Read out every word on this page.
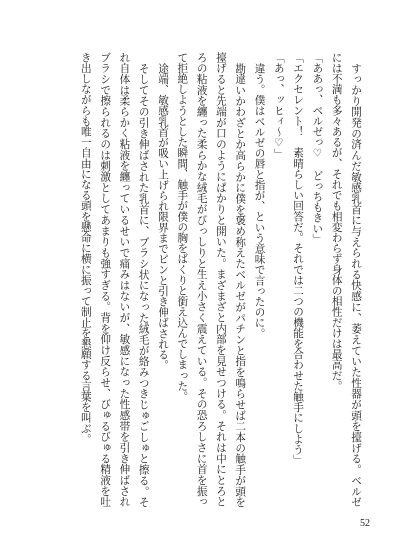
すっかり開発の済んだ敏感乳首に与えられる快感に、萎えていた性器が頭を擡げる。ベルゼには不満も多々あるが、それでも相変わらず身体の相性だけは最高だ。

「ああっ、ベルゼっ♡　どっちもきい」

「エクセレント！　素晴らしい回答だ。それでは二つの機能を合わせた触手にしよう」

「あっ、ッヒィ～♡」

違う。僕はベルゼの唇と指が、という意味で言ったのに。

勘違いかわざとか高らかに僕を褒め称えたベルゼがパチンと指を鳴らせば二本の触手が頭を擡げると先端が口のようにぱかりと開いた。まざまざと内部を見せつける。それは中にとろとろの粘液を纏った柔らかな絨毛がびっしりと生え小さく震えている。その恐ろしさに首を振って拒絶しようとした瞬間、触手が僕の胸をばくりと銜え込んでしまった。

途端、敏感乳首が吸い上げられ限界までピンと引き伸ばされる。

そしてその引き伸ばされた乳首に、ブラシ状になった絨毛が絡みつきじゅごしゅと擦る。それ自体は柔らかく粘液を纏っているせいで痛みはないが、敏感になった性感帯を引き伸ばされブラシで擦られるのは刺激としてあまりも強すぎる。背を仰け反らせ、びゅるびゅる精液を吐き出しながらも唯一自由になる頭を懸命に横に振って制止を懇願する言葉を叫ぶ。

52
